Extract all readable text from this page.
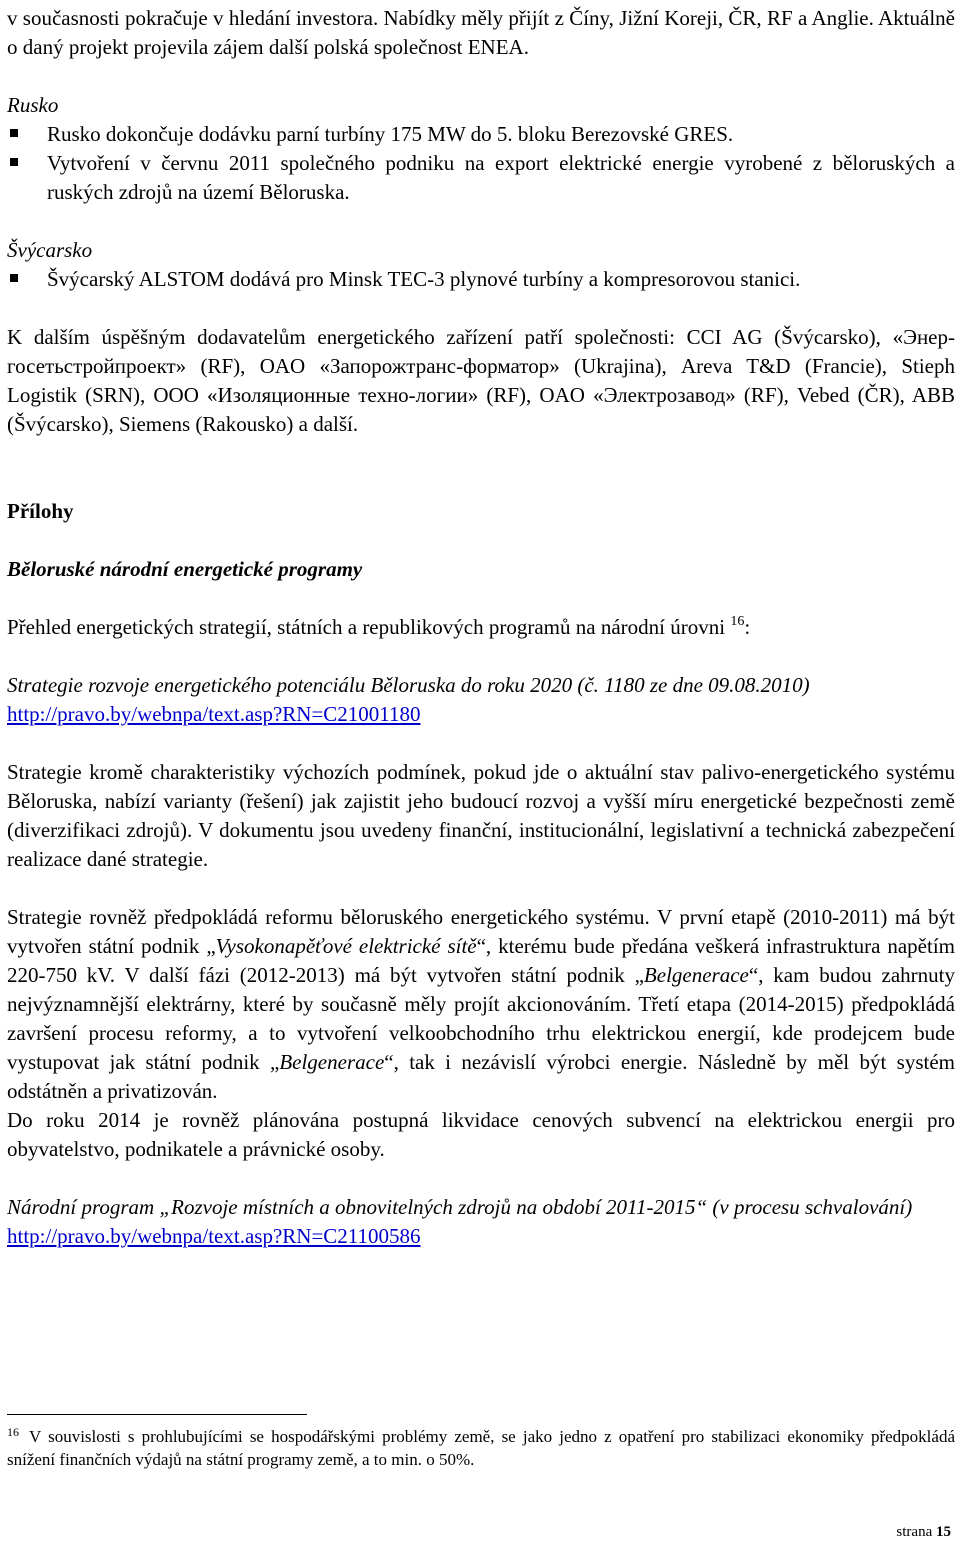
v současnosti pokračuje v hledání investora. Nabídky měly přijít z Číny, Jižní Koreji, ČR, RF a Anglie. Aktuálně o daný projekt projevila zájem další polská společnost ENEA.

Rusko
Rusko dokončuje dodávku parní turbíny 175 MW do 5. bloku Berezovské GRES.
Vytvoření v červnu 2011 společného podniku na export elektrické energie vyrobené z běloruských a ruských zdrojů na území Běloruska.
Švýcarsko
Švýcarský ALSTOM dodává pro Minsk TEC-3 plynové turbíny a kompresorovou stanici.

K dalším úspěšným dodavatelům energetického zařízení patří společnosti: CCI AG (Švýcarsko), «Энер-госетьстройпроект» (RF), OAO «Запорожтранс-форматор» (Ukrajina), Areva T&D (Francie), Stieph Logistik (SRN), OOO «Изоляционные техно-логии» (RF), OAO «Электрозавод» (RF), Vebed (ČR), ABB (Švýcarsko), Siemens (Rakousko) a další.

Přílohy
Běloruské národní energetické programy

Přehled energetických strategií, státních a republikových programů na národní úrovni $^{16}$:

Strategie rozvoje energetického potenciálu Běloruska do roku 2020 (č. 1180 ze dne 09.08.2010)

http://pravo.by/webnpa/text.asp?RN=C21001180

Strategie kromě charakteristiky výchozích podmínek, pokud jde o aktuální stav palivo-energetického systému Běloruska, nabízí varianty (řešení) jak zajistit jeho budoucí rozvoj a vyšší míru energetické bezpečnosti země (diverzifikaci zdrojů). V dokumentu jsou uvedeny finanční, institucionální, legislativní a technická zabezpečení realizace dané strategie.

Strategie rovněž předpokládá reformu běloruského energetického systému. V první etapě (2010-2011) má být vytvořen státní podnik „Vysokonapěťové elektrické sítě“, kterému bude předána veškerá infrastruktura napětím 220-750 kV. V další fázi (2012-2013) má být vytvořen státní podnik „Belgenerace“, kam budou zahrnuty nejvýznamnější elektrárny, které by současně měly projít akcionováním. Třetí etapa (2014-2015) předpokládá završení procesu reformy, a to vytvoření velkoobchodního trhu elektrickou energií, kde prodejcem bude vystupovat jak státní podnik „Belgenerace“, tak i nezávislí výrobci energie. Následně by měl být systém odstátněn a privatizován.

Do roku 2014 je rovněž plánována postupná likvidace cenových subvencí na elektrickou energii pro obyvatelstvo, podnikatele a právnické osoby.

Národní program „Rozvoje místních a obnovitelných zdrojů na období 2011-2015“ (v procesu schvalování)

http://pravo.by/webnpa/text.asp?RN=C21100586
$^{16}$ V souvislosti s prohlubujícími se hospodářskými problémy země, se jako jedno z opatření pro stabilizaci ekonomiky předpokládá snížení finančních výdajů na státní programy země, a to min. o 50%.
strana 15
